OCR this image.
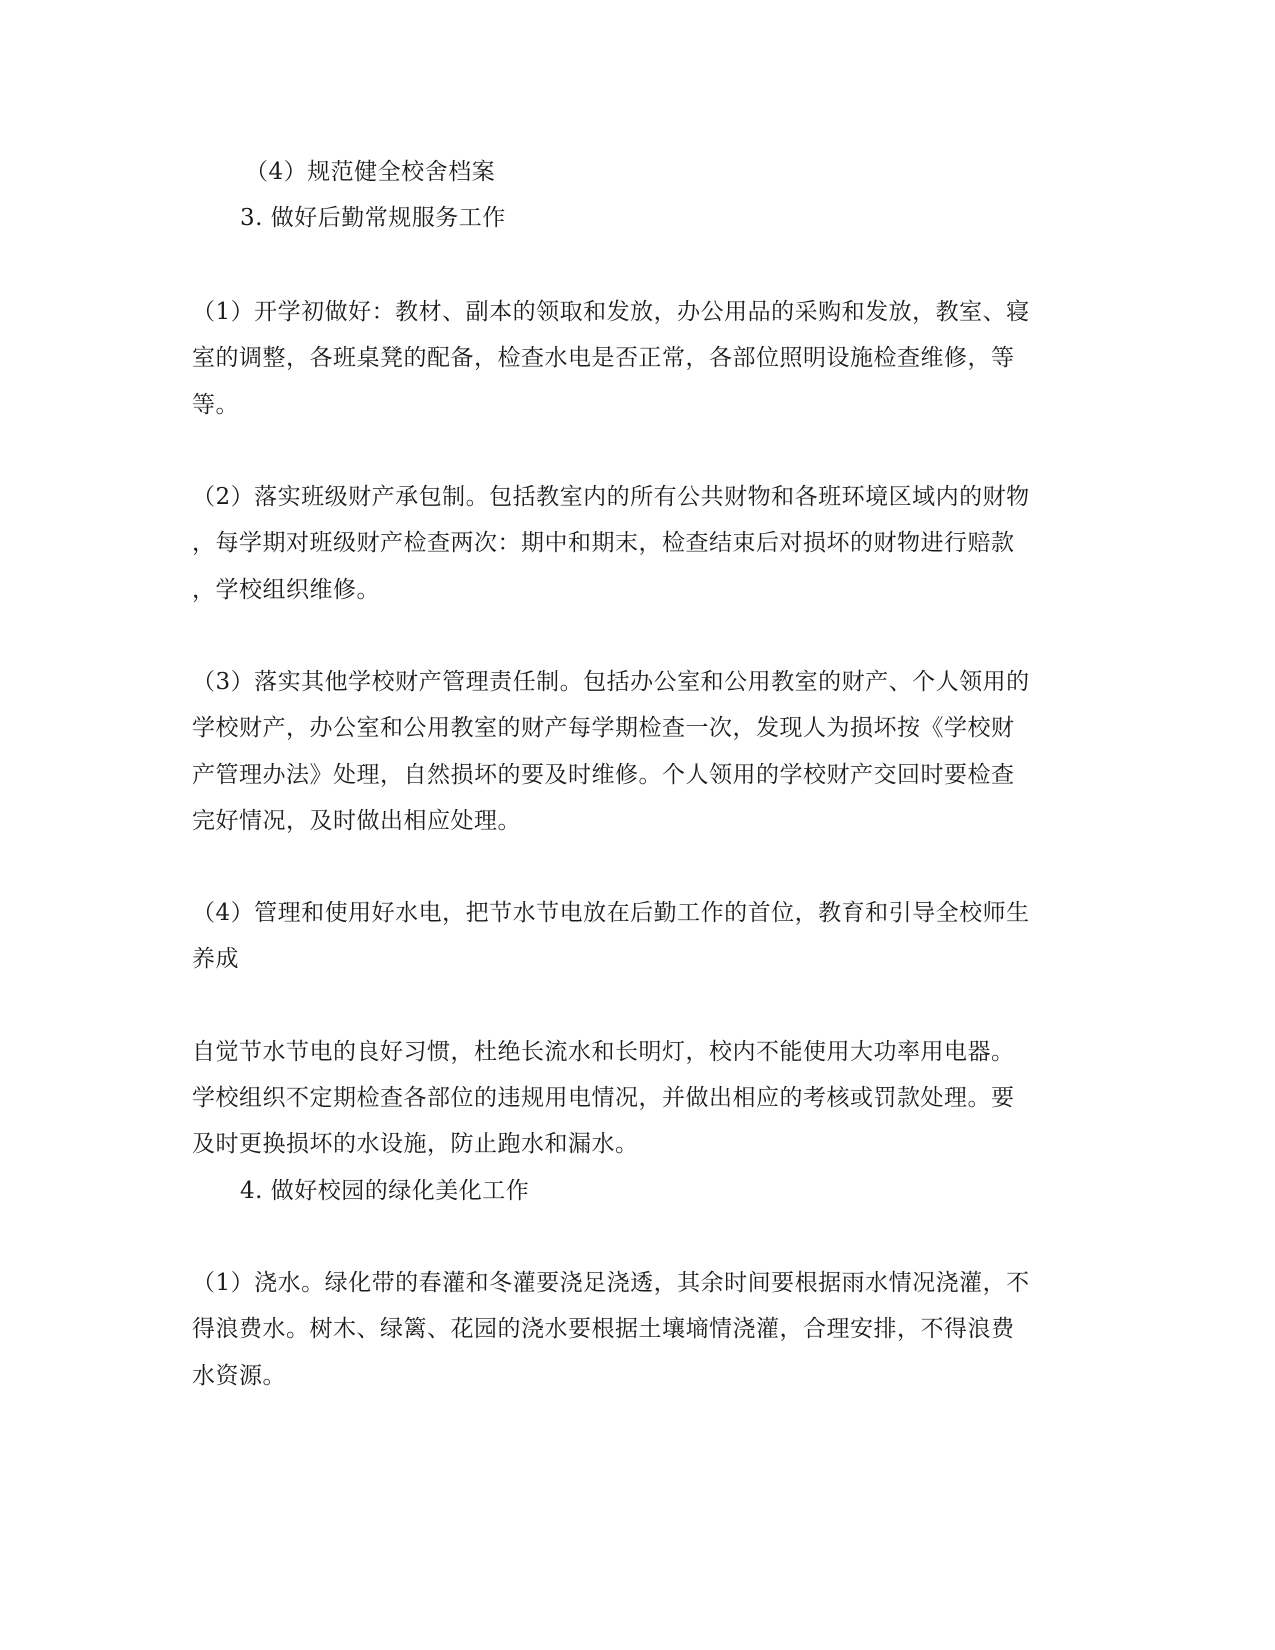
（4）规范健全校舍档案
3. 做好后勤常规服务工作
（1）开学初做好：教材、副本的领取和发放，办公用品的采购和发放，教室、寝
室的调整，各班桌凳的配备，检查水电是否正常，各部位照明设施检查维修，等
等。
（2）落实班级财产承包制。包括教室内的所有公共财物和各班环境区域内的财物
，每学期对班级财产检查两次：期中和期末，检查结束后对损坏的财物进行赔款
，学校组织维修。
（3）落实其他学校财产管理责任制。包括办公室和公用教室的财产、个人领用的
学校财产，办公室和公用教室的财产每学期检查一次，发现人为损坏按《学校财
产管理办法》处理，自然损坏的要及时维修。个人领用的学校财产交回时要检查
完好情况，及时做出相应处理。
（4）管理和使用好水电，把节水节电放在后勤工作的首位，教育和引导全校师生
养成
自觉节水节电的良好习惯，杜绝长流水和长明灯，校内不能使用大功率用电器。
学校组织不定期检查各部位的违规用电情况，并做出相应的考核或罚款处理。要
及时更换损坏的水设施，防止跑水和漏水。
4. 做好校园的绿化美化工作
（1）浇水。绿化带的春灌和冬灌要浇足浇透，其余时间要根据雨水情况浇灌，不
得浪费水。树木、绿篱、花园的浇水要根据土壤墒情浇灌，合理安排，不得浪费
水资源。
